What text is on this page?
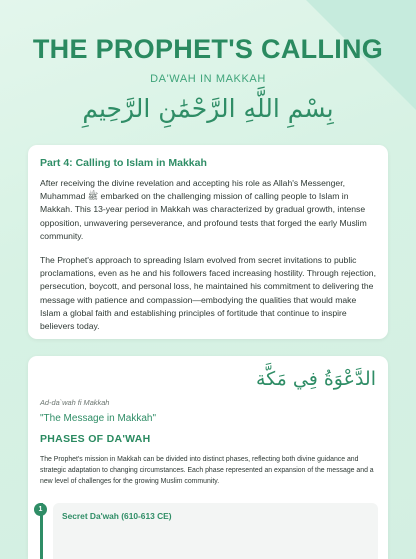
THE PROPHET'S CALLING
DA'WAH IN MAKKAH
بِسْمِ اللَّهِ الرَّحْمَٰنِ الرَّحِيمِ
Part 4: Calling to Islam in Makkah

After receiving the divine revelation and accepting his role as Allah's Messenger, Muhammad ﷺ embarked on the challenging mission of calling people to Islam in Makkah. This 13-year period in Makkah was characterized by gradual growth, intense opposition, unwavering perseverance, and profound tests that forged the early Muslim community.

The Prophet's approach to spreading Islam evolved from secret invitations to public proclamations, even as he and his followers faced increasing hostility. Through rejection, persecution, boycott, and personal loss, he maintained his commitment to delivering the message with patience and compassion—embodying the qualities that would make Islam a global faith and establishing principles of fortitude that continue to inspire believers today.

الدَّعْوَةُ فِي مَكَّة
Ad-da`wah fi Makkah
"The Message in Makkah"
PHASES OF DA'WAH

The Prophet's mission in Makkah can be divided into distinct phases, reflecting both divine guidance and strategic adaptation to changing circumstances. Each phase represented an expansion of the message and a new level of challenges for the growing Muslim community.

1
Secret Da'wah (610-613 CE)
